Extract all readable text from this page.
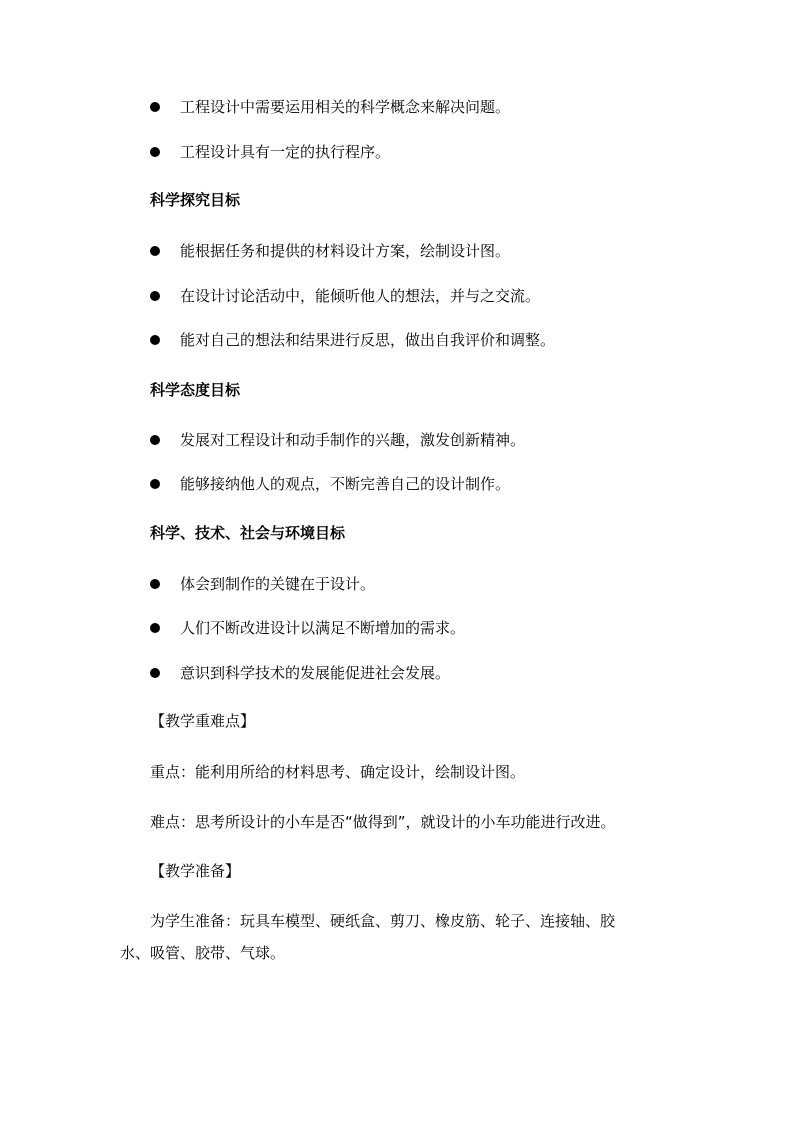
工程设计中需要运用相关的科学概念来解决问题。
工程设计具有一定的执行程序。
科学探究目标
能根据任务和提供的材料设计方案，绘制设计图。
在设计讨论活动中，能倾听他人的想法，并与之交流。
能对自己的想法和结果进行反思，做出自我评价和调整。
科学态度目标
发展对工程设计和动手制作的兴趣，激发创新精神。
能够接纳他人的观点，不断完善自己的设计制作。
科学、技术、社会与环境目标
体会到制作的关键在于设计。
人们不断改进设计以满足不断增加的需求。
意识到科学技术的发展能促进社会发展。
【教学重难点】
重点：能利用所给的材料思考、确定设计，绘制设计图。
难点：思考所设计的小车是否“做得到”，就设计的小车功能进行改进。
【教学准备】
为学生准备：玩具车模型、硬纸盒、剪刀、橡皮筋、轮子、连接轴、胶
水、吸管、胶带、气球。
